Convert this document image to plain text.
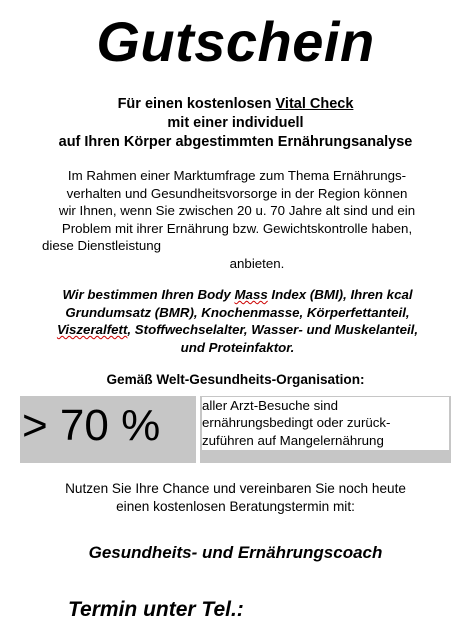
Gutschein
Für einen kostenlosen Vital Check
mit einer individuell
auf Ihren Körper abgestimmten Ernährungsanalyse
Im Rahmen einer Marktumfrage zum Thema Ernährungs-
verhalten und Gesundheitsvorsorge in der Region können
wir Ihnen, wenn Sie zwischen 20 u. 70 Jahre alt sind und ein
Problem mit ihrer Ernährung bzw. Gewichtskontrolle haben,
diese Dienstleistung
anbieten.
Wir bestimmen Ihren Body Mass Index (BMI), Ihren kcal
Grundumsatz (BMR), Knochenmasse, Körperfettanteil,
Viszeralfett, Stoffwechselalter, Wasser- und Muskelanteil,
und Proteinfaktor.
Gemäß Welt-Gesundheits-Organisation:
> 70 %	aller Arzt-Besuche sind
ernährungsbedingt oder zurück-
zuführen auf Mangelernährung
Nutzen Sie Ihre Chance und vereinbaren Sie noch heute
einen kostenlosen Beratungstermin mit:
Gesundheits- und Ernährungscoach
Termin unter Tel.:
